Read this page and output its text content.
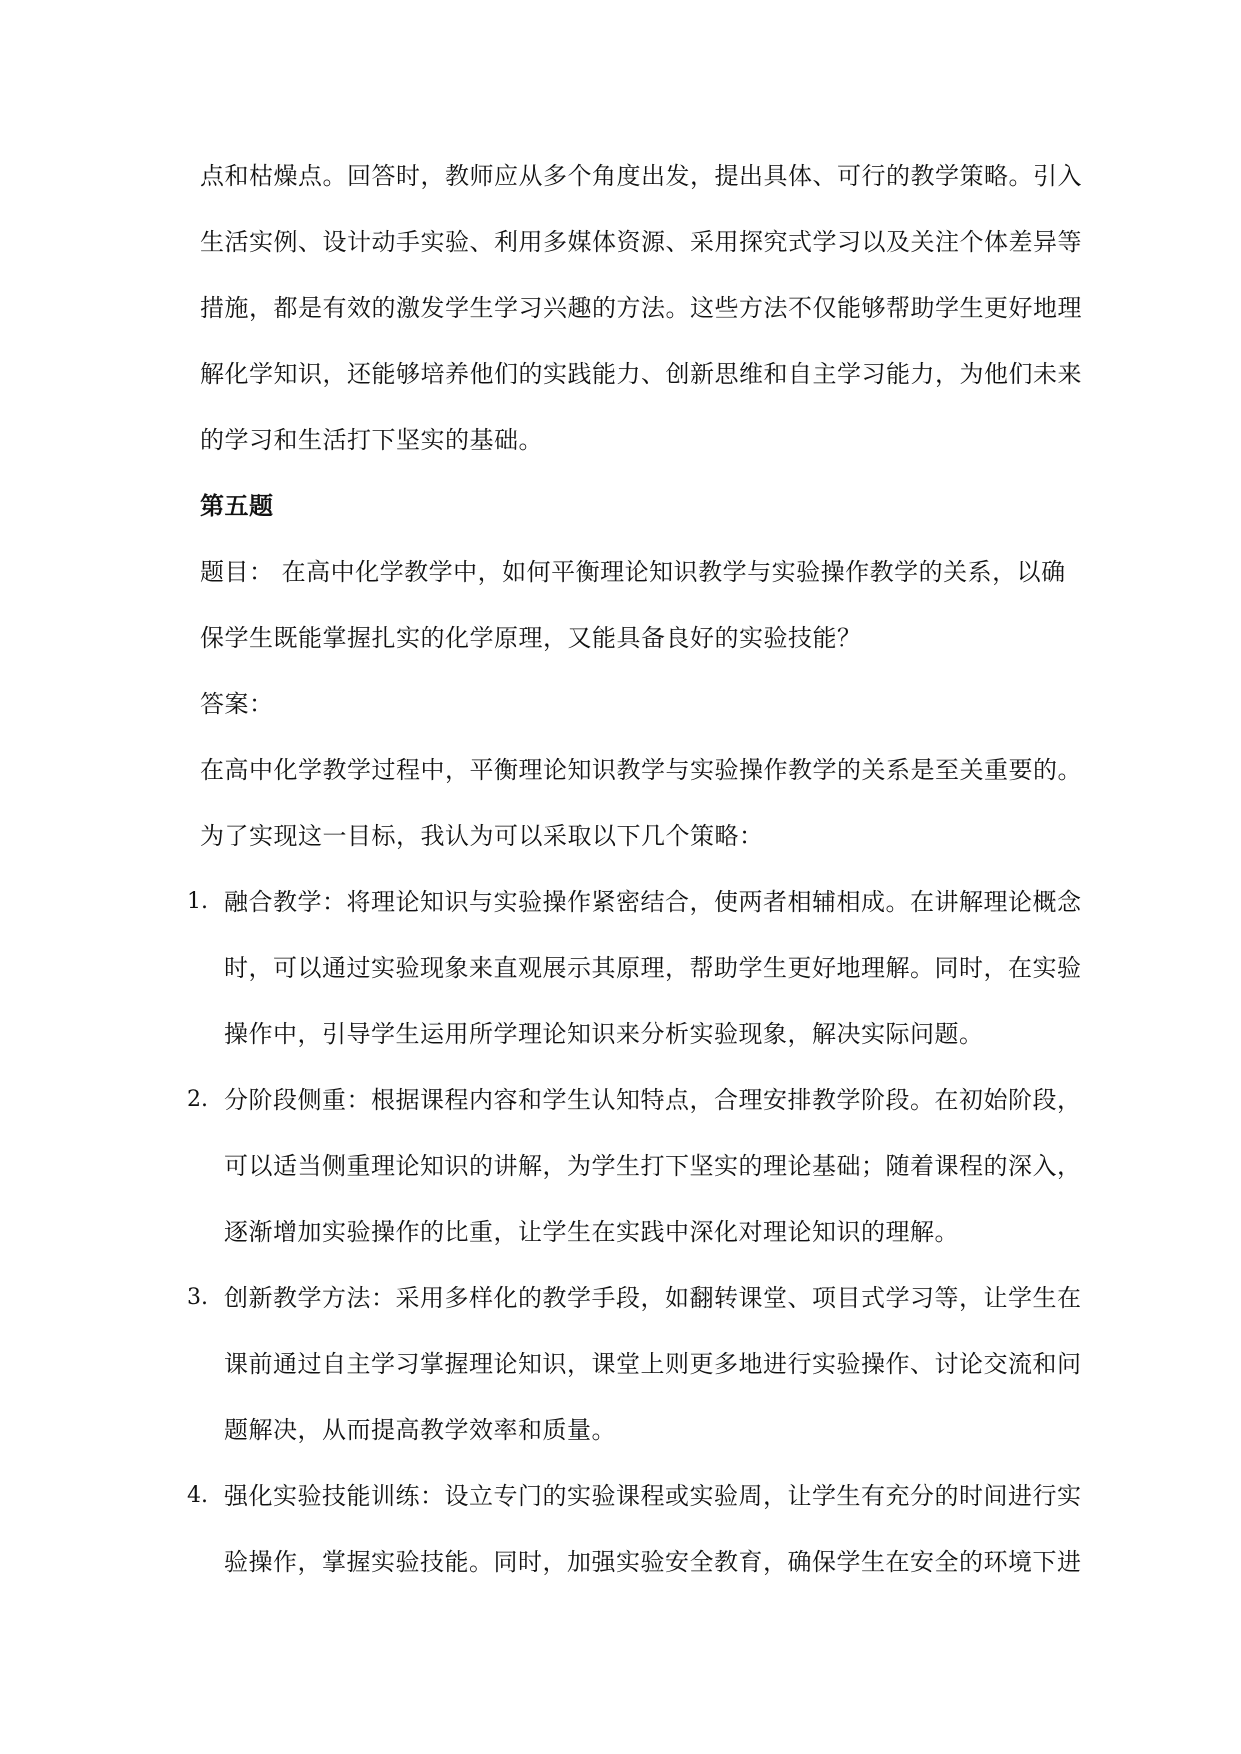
点和枯燥点。回答时，教师应从多个角度出发，提出具体、可行的教学策略。引入
生活实例、设计动手实验、利用多媒体资源、采用探究式学习以及关注个体差异等
措施，都是有效的激发学生学习兴趣的方法。这些方法不仅能够帮助学生更好地理
解化学知识，还能够培养他们的实践能力、创新思维和自主学习能力，为他们未来
的学习和生活打下坚实的基础。
第五题
题目： 在高中化学教学中，如何平衡理论知识教学与实验操作教学的关系，以确
保学生既能掌握扎实的化学原理，又能具备良好的实验技能？
答案：
在高中化学教学过程中，平衡理论知识教学与实验操作教学的关系是至关重要的。
为了实现这一目标，我认为可以采取以下几个策略：
1. 融合教学：将理论知识与实验操作紧密结合，使两者相辅相成。在讲解理论概念
时，可以通过实验现象来直观展示其原理，帮助学生更好地理解。同时，在实验
操作中，引导学生运用所学理论知识来分析实验现象，解决实际问题。
2. 分阶段侧重：根据课程内容和学生认知特点，合理安排教学阶段。在初始阶段，
可以适当侧重理论知识的讲解，为学生打下坚实的理论基础；随着课程的深入，
逐渐增加实验操作的比重，让学生在实践中深化对理论知识的理解。
3. 创新教学方法：采用多样化的教学手段，如翻转课堂、项目式学习等，让学生在
课前通过自主学习掌握理论知识，课堂上则更多地进行实验操作、讨论交流和问
题解决，从而提高教学效率和质量。
4. 强化实验技能训练：设立专门的实验课程或实验周，让学生有充分的时间进行实
验操作，掌握实验技能。同时，加强实验安全教育，确保学生在安全的环境下进
